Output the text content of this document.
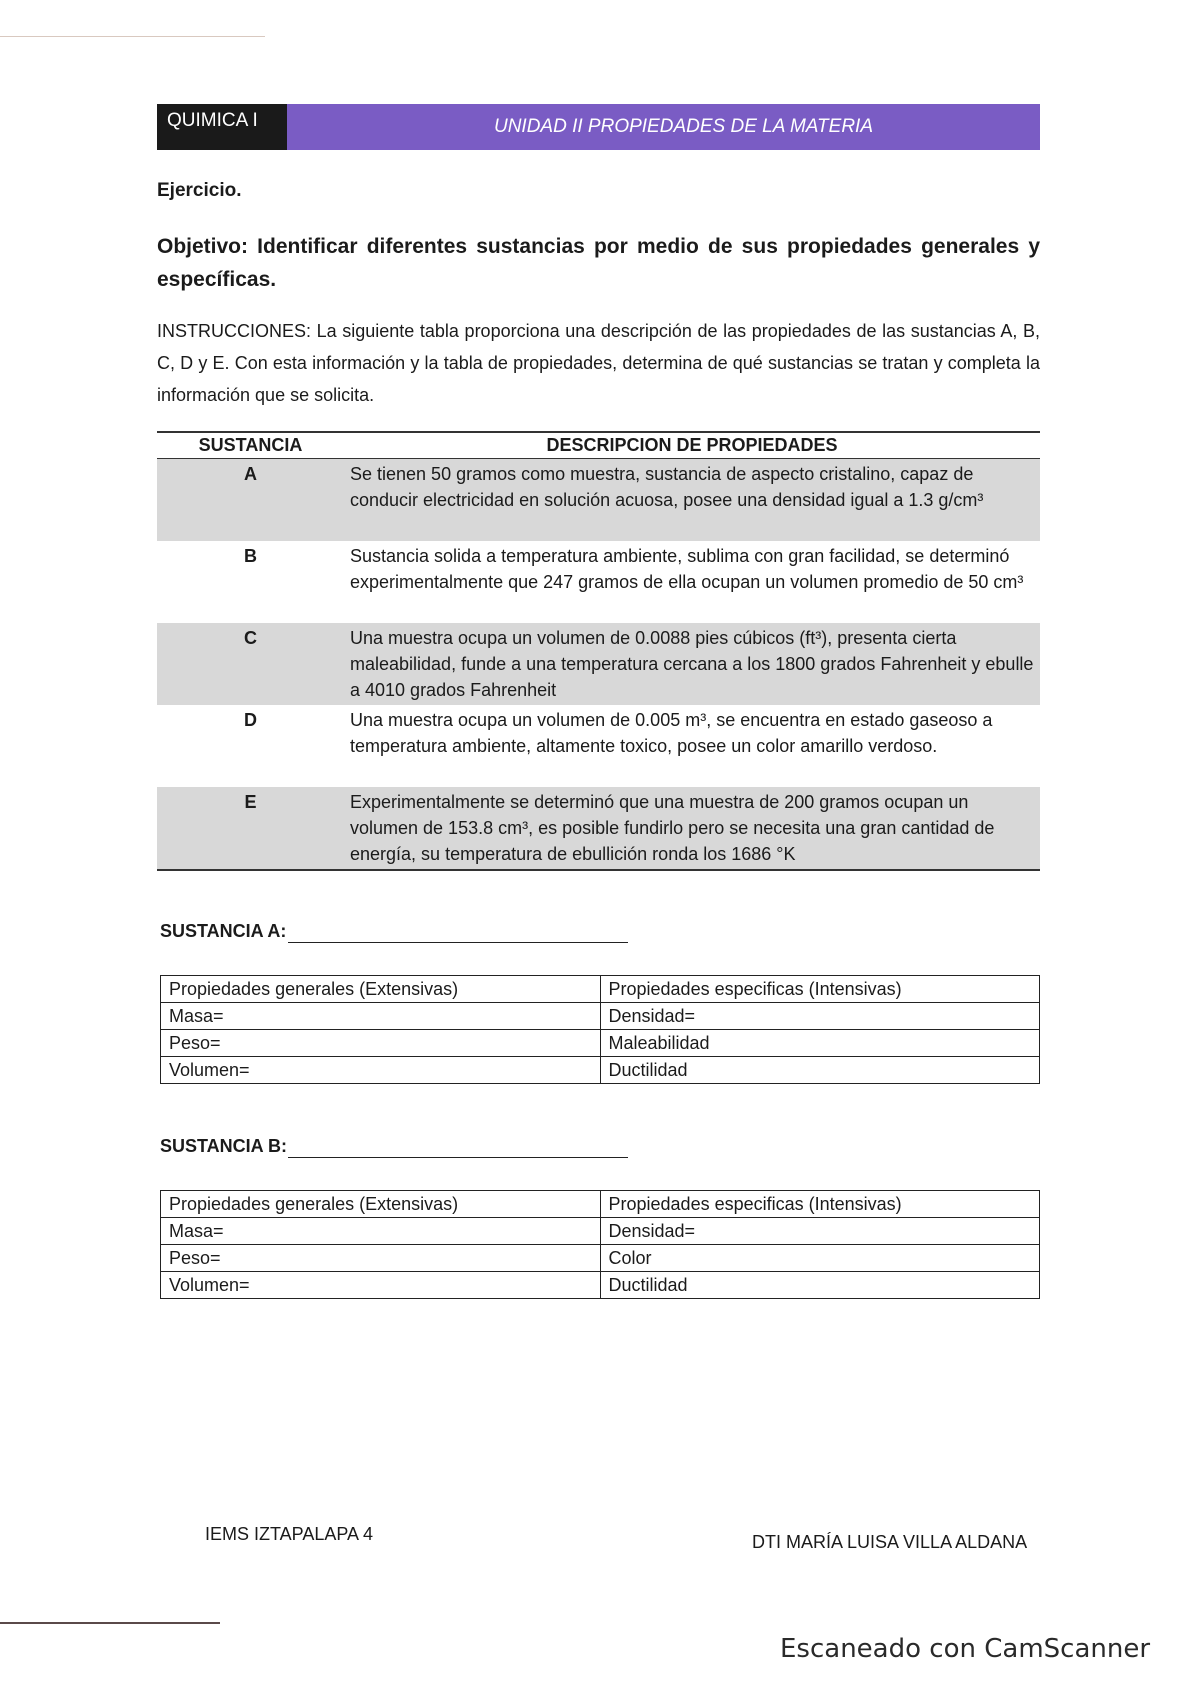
QUIMICA I	UNIDAD II PROPIEDADES DE LA MATERIA
Ejercicio.
Objetivo: Identificar diferentes sustancias por medio de sus propiedades generales y específicas.
INSTRUCCIONES: La siguiente tabla proporciona una descripción de las propiedades de las sustancias A, B, C, D y E. Con esta información y la tabla de propiedades, determina de qué sustancias se tratan y completa la información que se solicita.
SUSTANCIA	DESCRIPCION DE PROPIEDADES
A	Se tienen 50 gramos como muestra, sustancia de aspecto cristalino, capaz de conducir electricidad en solución acuosa, posee una densidad igual a 1.3 g/cm³
B	Sustancia solida a temperatura ambiente, sublima con gran facilidad, se determinó experimentalmente que 247 gramos de ella ocupan un volumen promedio de 50 cm³
C	Una muestra ocupa un volumen de 0.0088 pies cúbicos (ft³), presenta cierta maleabilidad, funde a una temperatura cercana a los 1800 grados Fahrenheit y ebulle a 4010 grados Fahrenheit
D	Una muestra ocupa un volumen de 0.005 m³, se encuentra en estado gaseoso a temperatura ambiente, altamente toxico, posee un color amarillo verdoso.
E	Experimentalmente se determinó que una muestra de 200 gramos ocupan un volumen de 153.8 cm³, es posible fundirlo pero se necesita una gran cantidad de energía, su temperatura de ebullición ronda los 1686 °K
SUSTANCIA A:
Propiedades generales (Extensivas)	Propiedades especificas (Intensivas)
Masa=	Densidad=
Peso=	Maleabilidad
Volumen=	Ductilidad
SUSTANCIA B:
Propiedades generales (Extensivas)	Propiedades especificas (Intensivas)
Masa=	Densidad=
Peso=	Color
Volumen=	Ductilidad
IEMS IZTAPALAPA 4	DTI MARÍA LUISA VILLA ALDANA
Escaneado con CamScanner
